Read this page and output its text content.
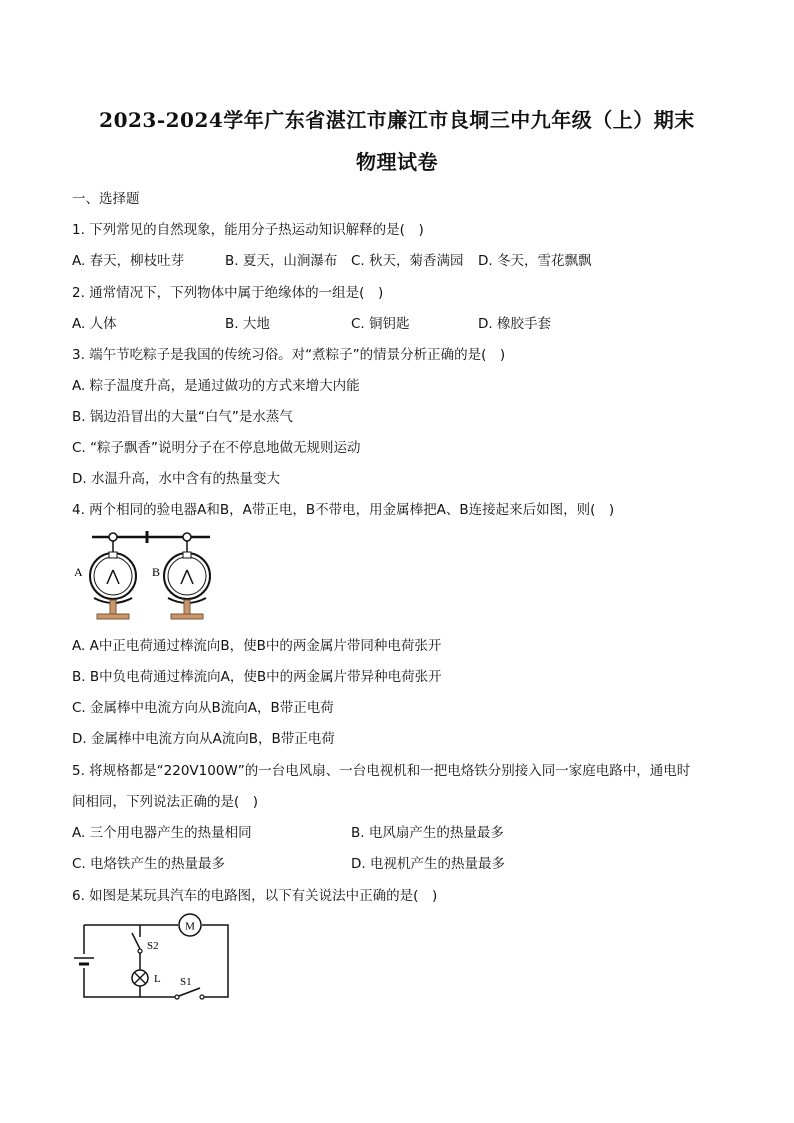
2023-2024学年广东省湛江市廉江市良垌三中九年级（上）期末
物理试卷
一、选择题
1. 下列常见的自然现象，能用分子热运动知识解释的是(　)
A. 春天，柳枝吐芽	B. 夏天，山涧瀑布 C. 秋天，菊香满园 D. 冬天，雪花飘飘
2. 通常情况下，下列物体中属于绝缘体的一组是(　)
A. 人体	B. 大地	C. 铜钥匙	D. 橡胶手套
3. 端午节吃粽子是我国的传统习俗。对“煮粽子”的情景分析正确的是(　)
A. 粽子温度升高，是通过做功的方式来增大内能
B. 锅边沿冒出的大量“白气”是水蒸气
C. “粽子飘香”说明分子在不停息地做无规则运动
D. 水温升高，水中含有的热量变大
4. 两个相同的验电器A和B，A带正电，B不带电，用金属棒把A、B连接起来后如图，则(　)
A	B
A. A中正电荷通过棒流向B，使B中的两金属片带同种电荷张开
B. B中负电荷通过棒流向A，使B中的两金属片带异种电荷张开
C. 金属棒中电流方向从B流向A，B带正电荷
D. 金属棒中电流方向从A流向B，B带正电荷
5. 将规格都是“220V100W”的一台电风扇、一台电视机和一把电烙铁分别接入同一家庭电路中，通电时
间相同，下列说法正确的是(　)
A. 三个用电器产生的热量相同	B. 电风扇产生的热量最多
C. 电烙铁产生的热量最多	D. 电视机产生的热量最多
6. 如图是某玩具汽车的电路图，以下有关说法中正确的是(　)
M
S2
L S1
